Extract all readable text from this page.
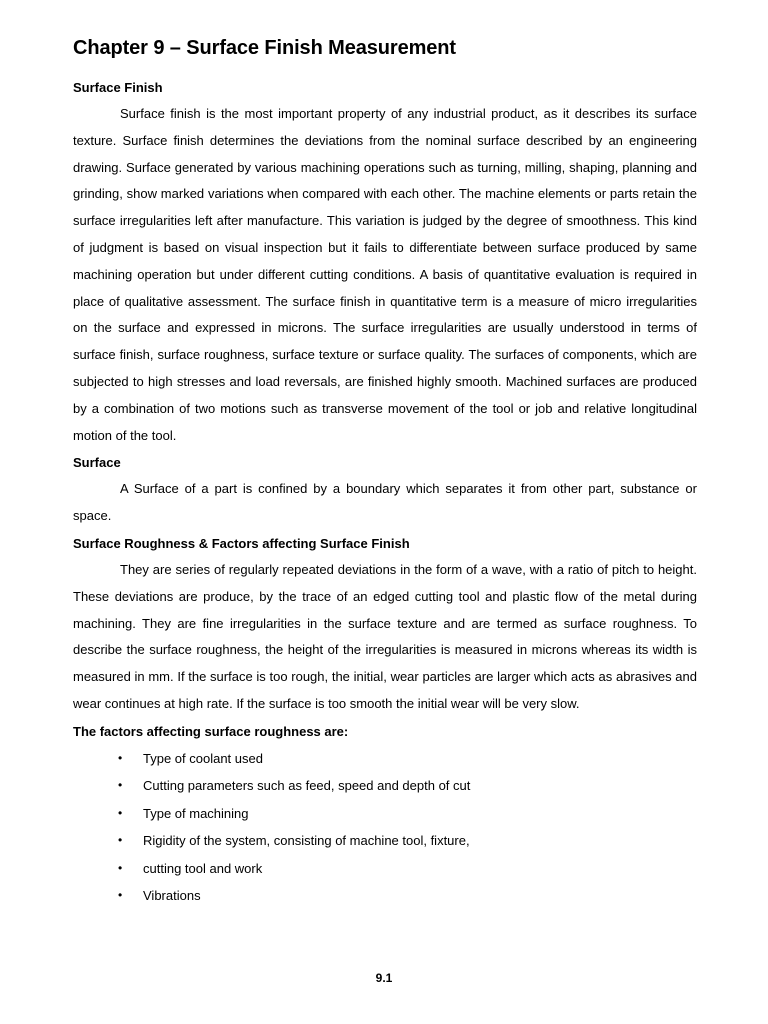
Chapter 9 – Surface Finish Measurement
Surface Finish

Surface finish is the most important property of any industrial product, as it describes its surface texture. Surface finish determines the deviations from the nominal surface described by an engineering drawing. Surface generated by various machining operations such as turning, milling, shaping, planning and grinding, show marked variations when compared with each other. The machine elements or parts retain the surface irregularities left after manufacture. This variation is judged by the degree of smoothness. This kind of judgment is based on visual inspection but it fails to differentiate between surface produced by same machining operation but under different cutting conditions. A basis of quantitative evaluation is required in place of qualitative assessment. The surface finish in quantitative term is a measure of micro irregularities on the surface and expressed in microns. The surface irregularities are usually understood in terms of surface finish, surface roughness, surface texture or surface quality. The surfaces of components, which are subjected to high stresses and load reversals, are finished highly smooth. Machined surfaces are produced by a combination of two motions such as transverse movement of the tool or job and relative longitudinal motion of the tool.

Surface

A Surface of a part is confined by a boundary which separates it from other part, substance or space.

Surface Roughness & Factors affecting Surface Finish

They are series of regularly repeated deviations in the form of a wave, with a ratio of pitch to height. These deviations are produce, by the trace of an edged cutting tool and plastic flow of the metal during machining. They are fine irregularities in the surface texture and are termed as surface roughness. To describe the surface roughness, the height of the irregularities is measured in microns whereas its width is measured in mm. If the surface is too rough, the initial, wear particles are larger which acts as abrasives and wear continues at high rate. If the surface is too smooth the initial wear will be very slow.

The factors affecting surface roughness are:
• Type of coolant used
• Cutting parameters such as feed, speed and depth of cut
• Type of machining
• Rigidity of the system, consisting of machine tool, fixture,
• cutting tool and work
• Vibrations
9.1
